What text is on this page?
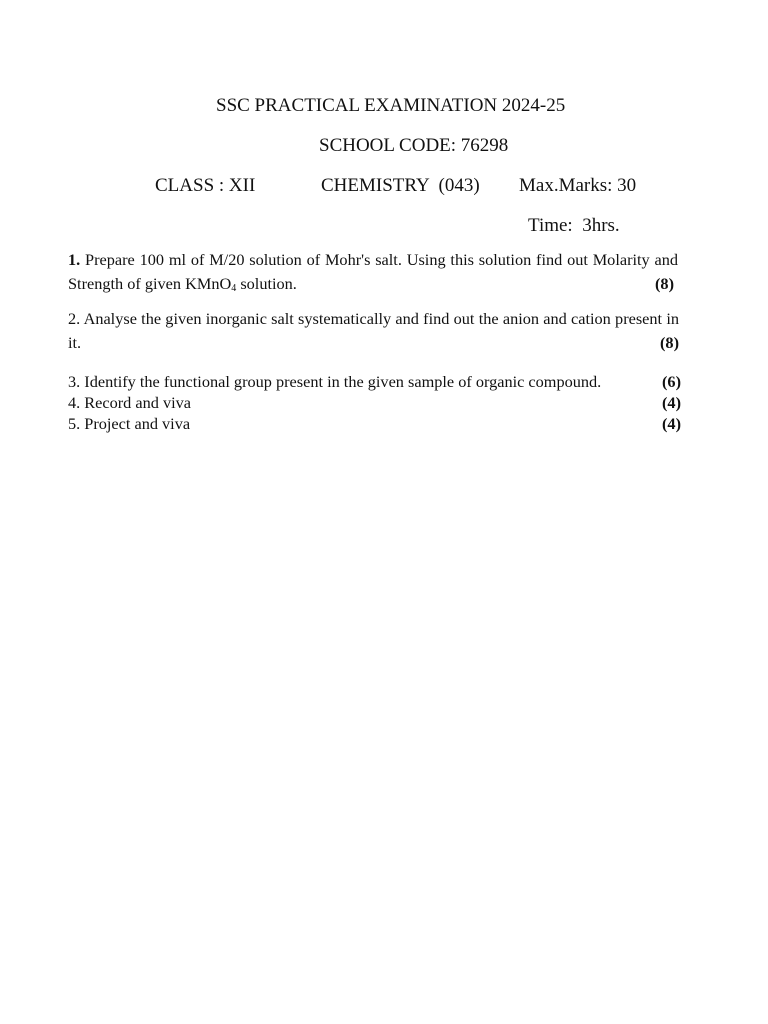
SSC PRACTICAL EXAMINATION 2024-25
SCHOOL CODE: 76298
CLASS : XII	CHEMISTRY  (043) Max.Marks: 30
Time:  3hrs.
1. Prepare 100 ml of M/20 solution of Mohr's salt. Using this solution find out Molarity and Strength of given KMnO$_4$ solution.	(8)
2. Analyse the given inorganic salt systematically and find out the anion and cation present in it.	(8)
3. Identify the functional group present in the given sample of organic compound.	(6)
4. Record and viva	(4)
5. Project and viva	(4)
